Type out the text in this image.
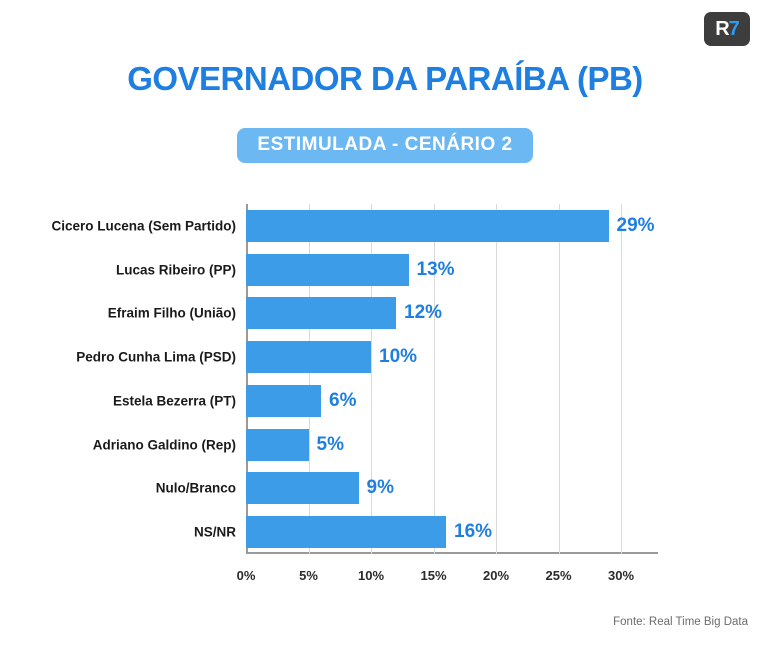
R7
GOVERNADOR DA PARAÍBA (PB)
ESTIMULADA - CENÁRIO 2
Cicero Lucena (Sem Partido)	29%
Lucas Ribeiro (PP)	13%
Efraim Filho (União)	12%
Pedro Cunha Lima (PSD)	10%
Estela Bezerra (PT)	6%
Adriano Galdino (Rep)	5%
Nulo/Branco	9%
NS/NR	16%
0%	5%	10%	15%	20%	25%	30%
Fonte: Real Time Big Data
